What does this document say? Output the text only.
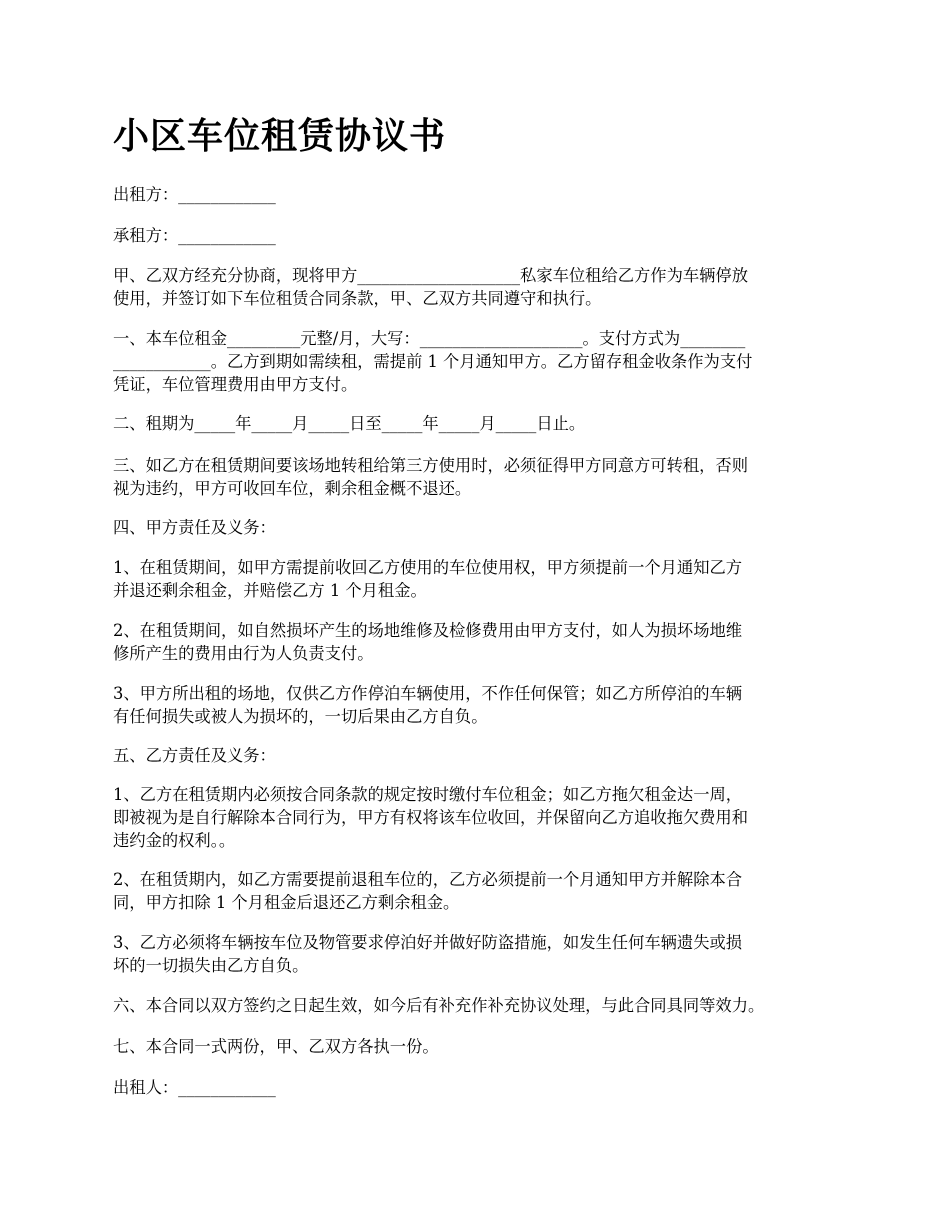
小区车位租赁协议书

出租方：____________

承租方：____________

甲、乙双方经充分协商，现将甲方____________________私家车位租给乙方作为车辆停放
使用，并签订如下车位租赁合同条款，甲、乙双方共同遵守和执行。

一、本车位租金_________元整/月，大写：____________________。支付方式为________
____________。乙方到期如需续租，需提前 1 个月通知甲方。乙方留存租金收条作为支付
凭证，车位管理费用由甲方支付。

二、租期为_____年_____月_____日至_____年_____月_____日止。

三、如乙方在租赁期间要该场地转租给第三方使用时，必须征得甲方同意方可转租，否则
视为违约，甲方可收回车位，剩余租金概不退还。

四、甲方责任及义务：

1、在租赁期间，如甲方需提前收回乙方使用的车位使用权，甲方须提前一个月通知乙方
并退还剩余租金，并赔偿乙方 1 个月租金。

2、在租赁期间，如自然损坏产生的场地维修及检修费用由甲方支付，如人为损坏场地维
修所产生的费用由行为人负责支付。

3、甲方所出租的场地，仅供乙方作停泊车辆使用，不作任何保管；如乙方所停泊的车辆
有任何损失或被人为损坏的，一切后果由乙方自负。

五、乙方责任及义务：

1、乙方在租赁期内必须按合同条款的规定按时缴付车位租金；如乙方拖欠租金达一周，
即被视为是自行解除本合同行为，甲方有权将该车位收回，并保留向乙方追收拖欠费用和
违约金的权利。。

2、在租赁期内，如乙方需要提前退租车位的，乙方必须提前一个月通知甲方并解除本合
同，甲方扣除 1 个月租金后退还乙方剩余租金。

3、乙方必须将车辆按车位及物管要求停泊好并做好防盗措施，如发生任何车辆遗失或损
坏的一切损失由乙方自负。

六、本合同以双方签约之日起生效，如今后有补充作补充协议处理，与此合同具同等效力。

七、本合同一式两份，甲、乙双方各执一份。

出租人：____________
